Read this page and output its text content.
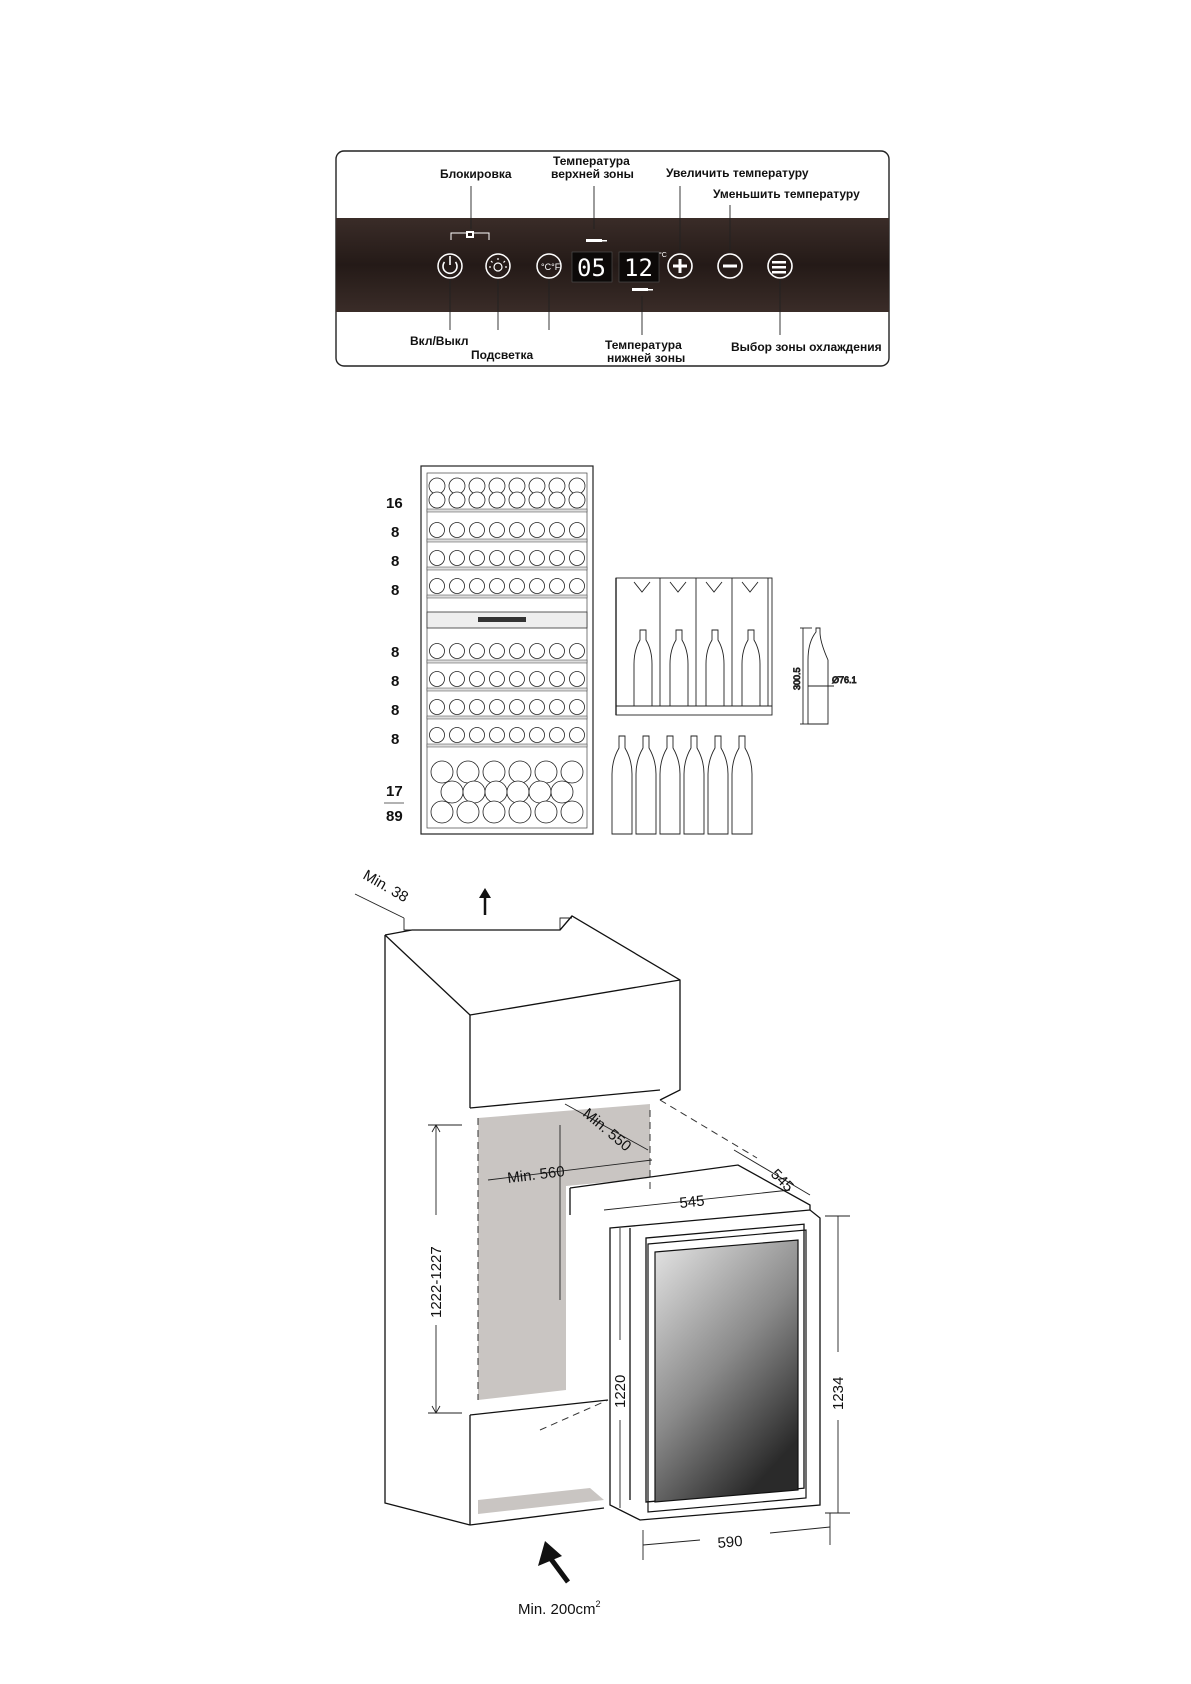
°C°F 05 12 °C
Блокировка
Температура
верхней зоны	Увеличить температуру
Уменьшить температуру
Вкл/Выкл
Подсветка
Температура
нижней зоны
Выбор зоны охлаждения
16
8
8
8
8
8
8
8
17
89
300.5	Ø76.1
Min. 38
1222-1227
Min. 560
Min. 550
545
545
1220	1234
590
Min. $200cm^2$
